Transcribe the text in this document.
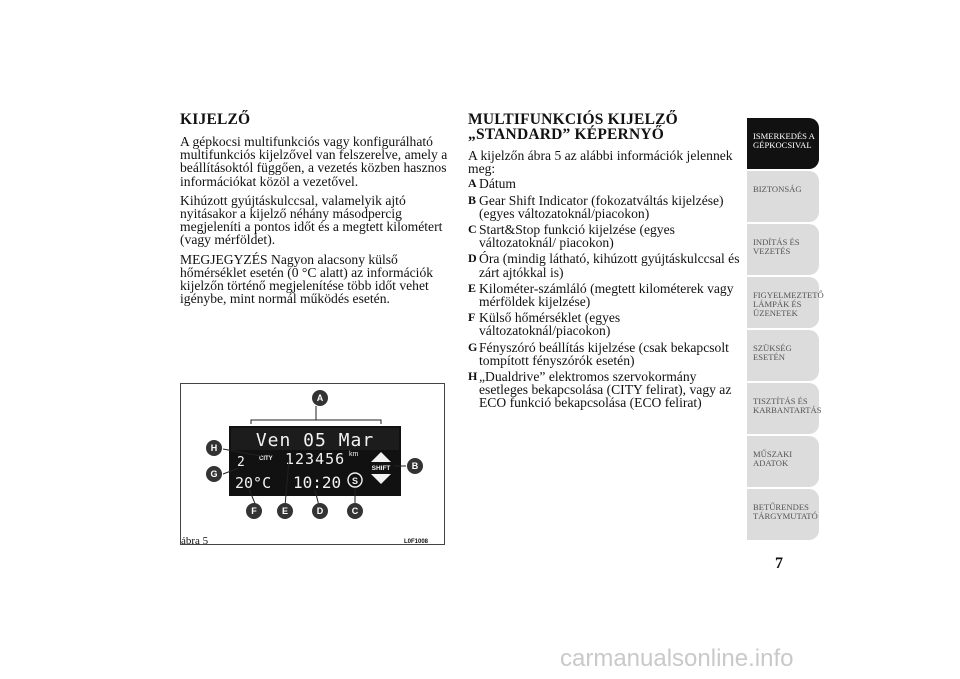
KIJELZŐ

A gépkocsi multifunkciós vagy konfigurálható multifunkciós kijelzővel van felszerelve, amely a beállításoktól függően, a vezetés közben hasznos információkat közöl a vezetővel.

Kihúzott gyújtáskulccsal, valamelyik ajtó nyitásakor a kijelző néhány másodpercig megjeleníti a pontos időt és a megtett kilométert (vagy mérföldet).

MEGJEGYZÉS Nagyon alacsony külső hőmérséklet esetén (0 °C alatt) az információk kijelzőn történő megjelenítése több időt vehet igénybe, mint normál működés esetén.

MULTIFUNKCIÓS KIJELZŐ „STANDARD” KÉPERNYŐ

A kijelzőn ábra 5 az alábbi információk jelennek meg:

A Dátum
B Gear Shift Indicator (fokozatváltás kijelzése) (egyes változatoknál/piacokon)
C Start&Stop funkció kijelzése (egyes változatoknál/ piacokon)
D Óra (mindig látható, kihúzott gyújtáskulccsal és zárt ajtókkal is)
E Kilométer-számláló (megtett kilométerek vagy mérföldek kijelzése)
F Külső hőmérséklet (egyes változatoknál/piacokon)
G Fényszóró beállítás kijelzése (csak bekapcsolt tompított fényszórók esetén)
H „Dualdrive” elektromos szervokormány esetleges bekapcsolása (CITY felirat), vagy az ECO funkció bekapcsolása (ECO felirat)
Ven 05 Mar
2 CITY
20°C
123456 km
10:20 S
SHIFT
A
B
C
D
E
F
G
H
ábra 5	L0F1008
ISMERKEDÉS A GÉPKOCSIVAL
BIZTONSÁG
INDÍTÁS ÉS VEZETÉS
FIGYELMEZTETŐ LÁMPÁK ÉS ÜZENETEK
SZÜKSÉG ESETÉN
TISZTÍTÁS ÉS KARBANTARTÁS
MŰSZAKI ADATOK
BETŰRENDES TÁRGYMUTATÓ
7
carmanualsonline.info
